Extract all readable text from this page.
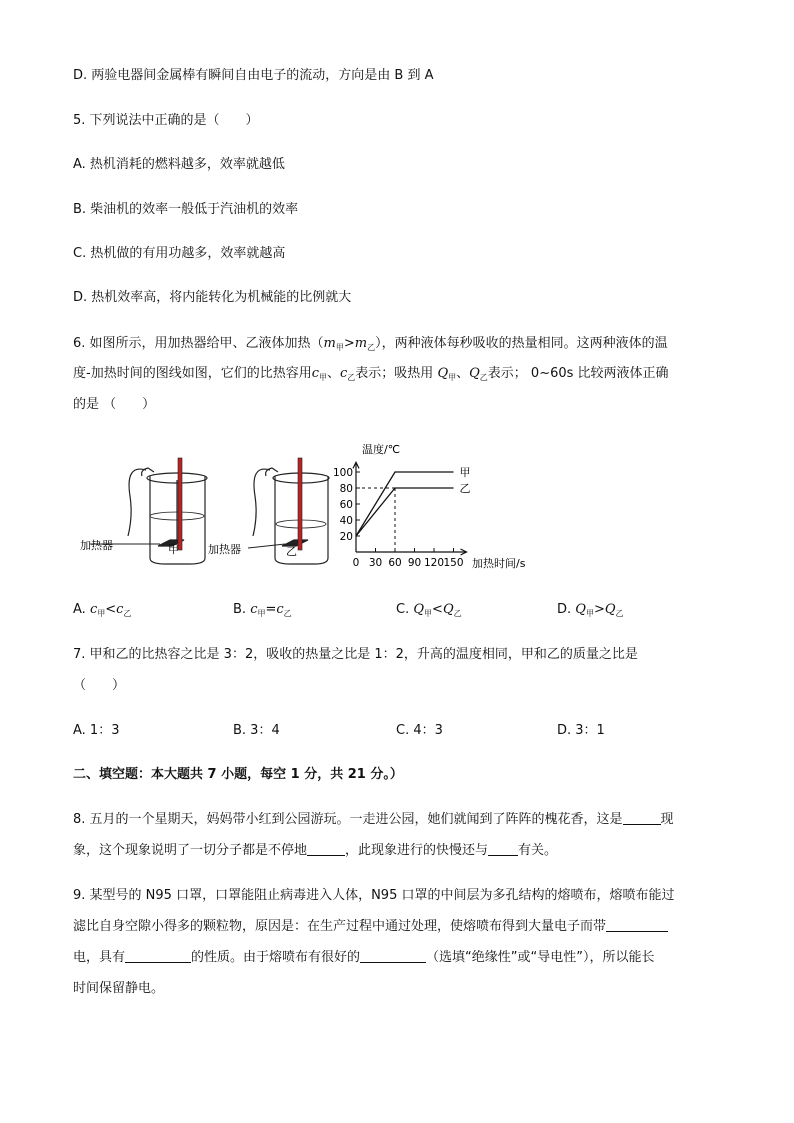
D. 两验电器间金属棒有瞬间自由电子的流动，方向是由 B 到 A
5. 下列说法中正确的是（　　）
A. 热机消耗的燃料越多，效率就越低
B. 柴油机的效率一般低于汽油机的效率
C. 热机做的有用功越多，效率就越高
D. 热机效率高，将内能转化为机械能的比例就大
6. 如图所示，用加热器给甲、乙液体加热$(m_甲>m_乙)$，两种液体每秒吸收的热量相同。这两种液体的温
度-加热时间的图线如图，它们的比热容用$c_甲$、$c_乙$表示；吸热用 $Q_甲$、$Q_乙$表示； 0~60s 比较两液体正确
的是 （　　）
加热器	甲	加热器	乙
温度/℃
加热时间/s
20
40
60
80
100
0 30 60 90 120 150
甲
乙
A. $c_甲<c_乙$	B. $c_甲=c_乙$	C. $Q_甲<Q_乙$	D. $Q_甲>Q_乙$
7. 甲和乙的比热容之比是 3：2，吸收的热量之比是 1：2，升高的温度相同，甲和乙的质量之比是
（　　）
A. 1：3	B. 3：4	C. 4：3	D. 3：1
二、填空题：本大题共 7 小题，每空 1 分，共 21 分。）
8. 五月的一个星期天，妈妈带小红到公园游玩。一走进公园，她们就闻到了阵阵的槐花香，这是	现
象，这个现象说明了一切分子都是不停地	，此现象进行的快慢还与 有关。
9. 某型号的 N95 口罩，口罩能阻止病毒进入人体，N95 口罩的中间层为多孔结构的熔喷布，熔喷布能过
滤比自身空隙小得多的颗粒物，原因是：在生产过程中通过处理，使熔喷布得到大量电子而带
电，具有	的性质。由于熔喷布有很好的	（选填“绝缘性”或“导电性”），所以能长
时间保留静电。
